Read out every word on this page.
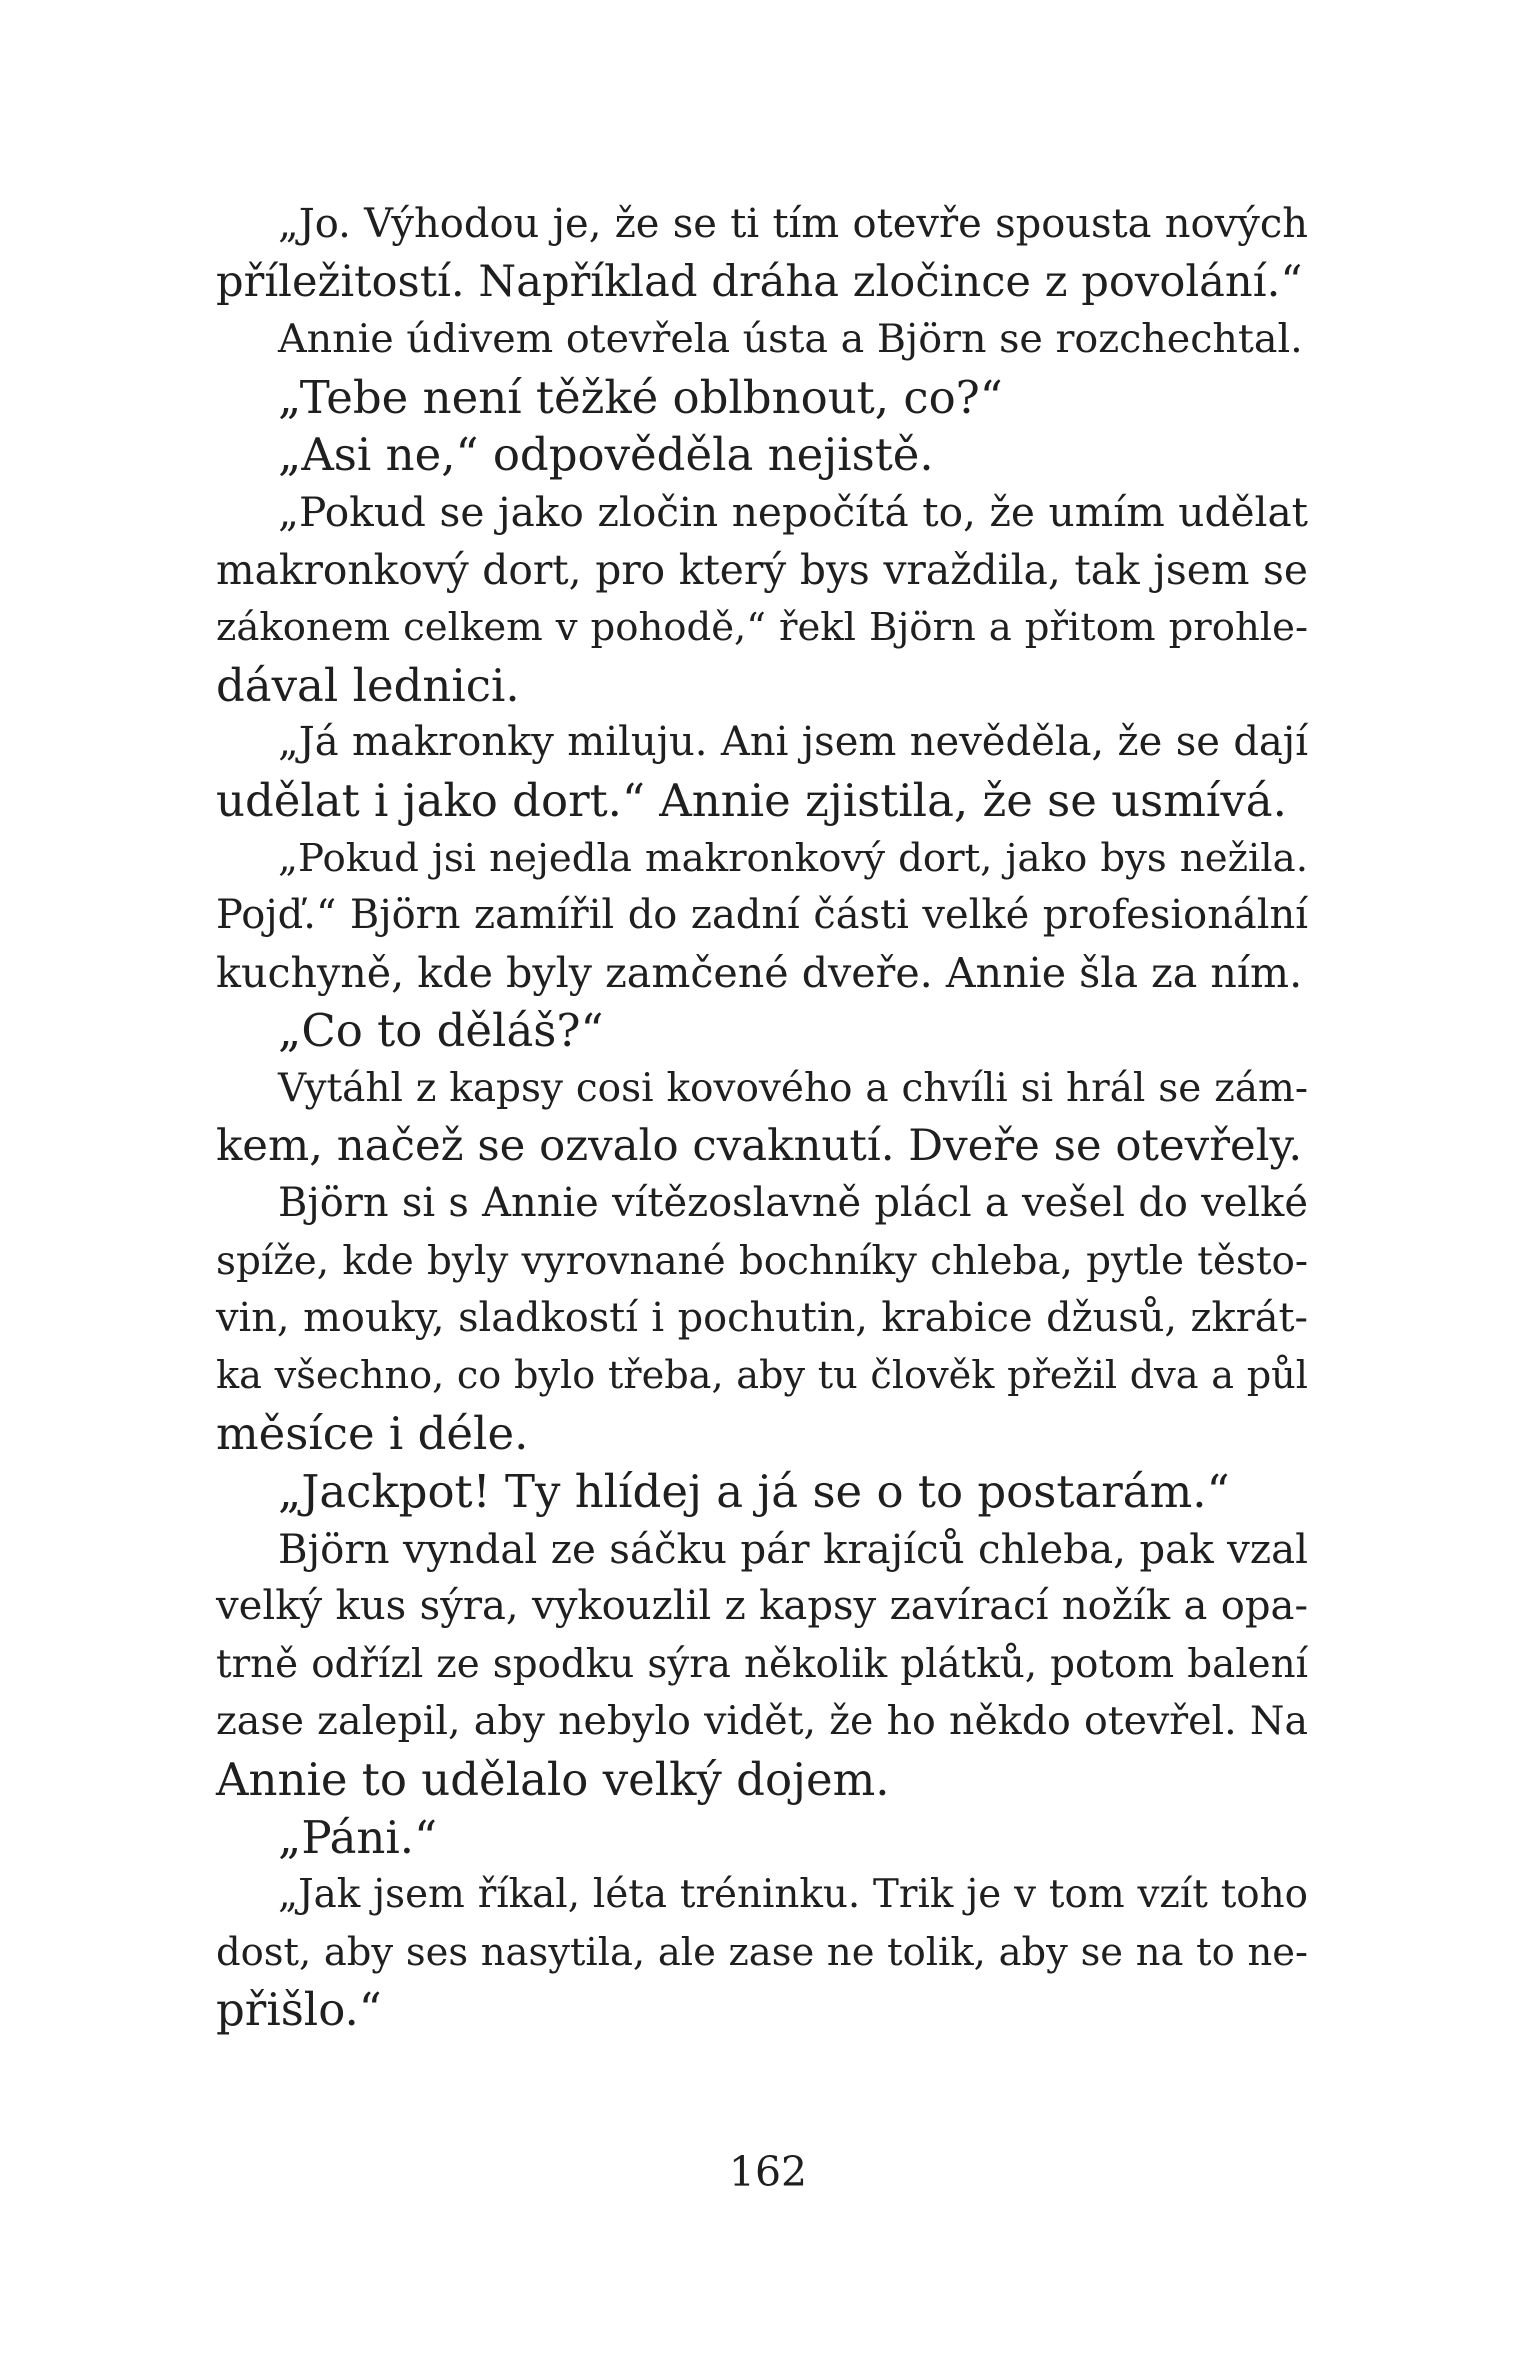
„Jo. Výhodou je, že se ti tím otevře spousta nových
příležitostí. Například dráha zločince z povolání.“
Annie údivem otevřela ústa a Björn se rozchechtal.
„Tebe není těžké oblbnout, co?“
„Asi ne,“ odpověděla nejistě.
„Pokud se jako zločin nepočítá to, že umím udělat
makronkový dort, pro který bys vraždila, tak jsem se
zákonem celkem v pohodě,“ řekl Björn a přitom prohle-
dával lednici.
„Já makronky miluju. Ani jsem nevěděla, že se dají
udělat i jako dort.“ Annie zjistila, že se usmívá.
„Pokud jsi nejedla makronkový dort, jako bys nežila.
Pojď.“ Björn zamířil do zadní části velké profesionální
kuchyně, kde byly zamčené dveře. Annie šla za ním.
„Co to děláš?“
Vytáhl z kapsy cosi kovového a chvíli si hrál se zám-
kem, načež se ozvalo cvaknutí. Dveře se otevřely.
Björn si s Annie vítězoslavně plácl a vešel do velké
spíže, kde byly vyrovnané bochníky chleba, pytle těsto-
vin, mouky, sladkostí i pochutin, krabice džusů, zkrát-
ka všechno, co bylo třeba, aby tu člověk přežil dva a půl
měsíce i déle.
„Jackpot! Ty hlídej a já se o to postarám.“
Björn vyndal ze sáčku pár krajíců chleba, pak vzal
velký kus sýra, vykouzlil z kapsy zavírací nožík a opa-
trně odřízl ze spodku sýra několik plátků, potom balení
zase zalepil, aby nebylo vidět, že ho někdo otevřel. Na
Annie to udělalo velký dojem.
„Páni.“
„Jak jsem říkal, léta tréninku. Trik je v tom vzít toho
dost, aby ses nasytila, ale zase ne tolik, aby se na to ne-
přišlo.“
162
